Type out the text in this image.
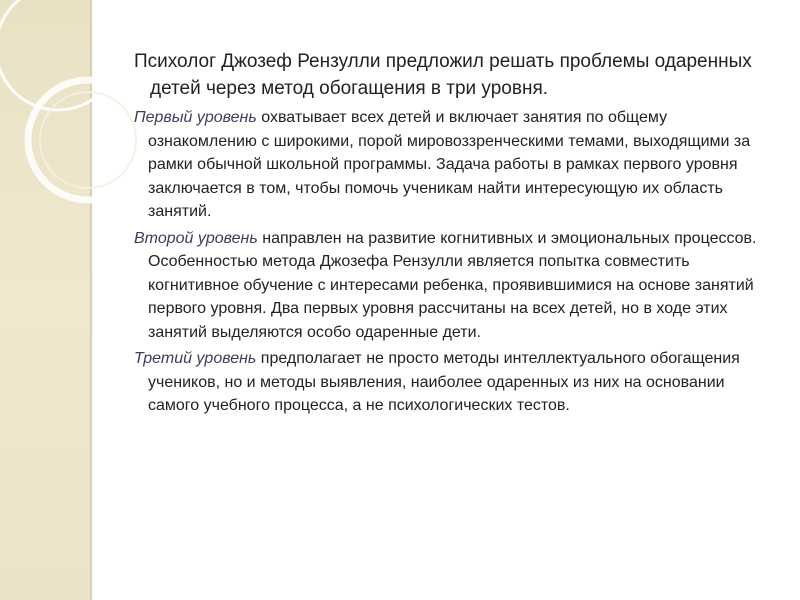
Психолог Джозеф Рензулли предложил решать проблемы одаренных детей через метод обогащения в три уровня.

Первый уровень охватывает всех детей и включает занятия по общему ознакомлению с широкими, порой мировоззренческими темами, выходящими за рамки обычной школьной программы. Задача работы в рамках первого уровня заключается в том, чтобы помочь ученикам найти интересующую их область занятий.

Второй уровень направлен на развитие когнитивных и эмоциональных процессов. Особенностью метода Джозефа Рензулли является попытка совместить когнитивное обучение с интересами ребенка, проявившимися на основе занятий первого уровня. Два первых уровня рассчитаны на всех детей, но в ходе этих занятий выделяются особо одаренные дети.

Третий уровень предполагает не просто методы интеллектуального обогащения учеников, но и методы выявления, наиболее одаренных из них на основании самого учебного процесса, а не психологических тестов.
